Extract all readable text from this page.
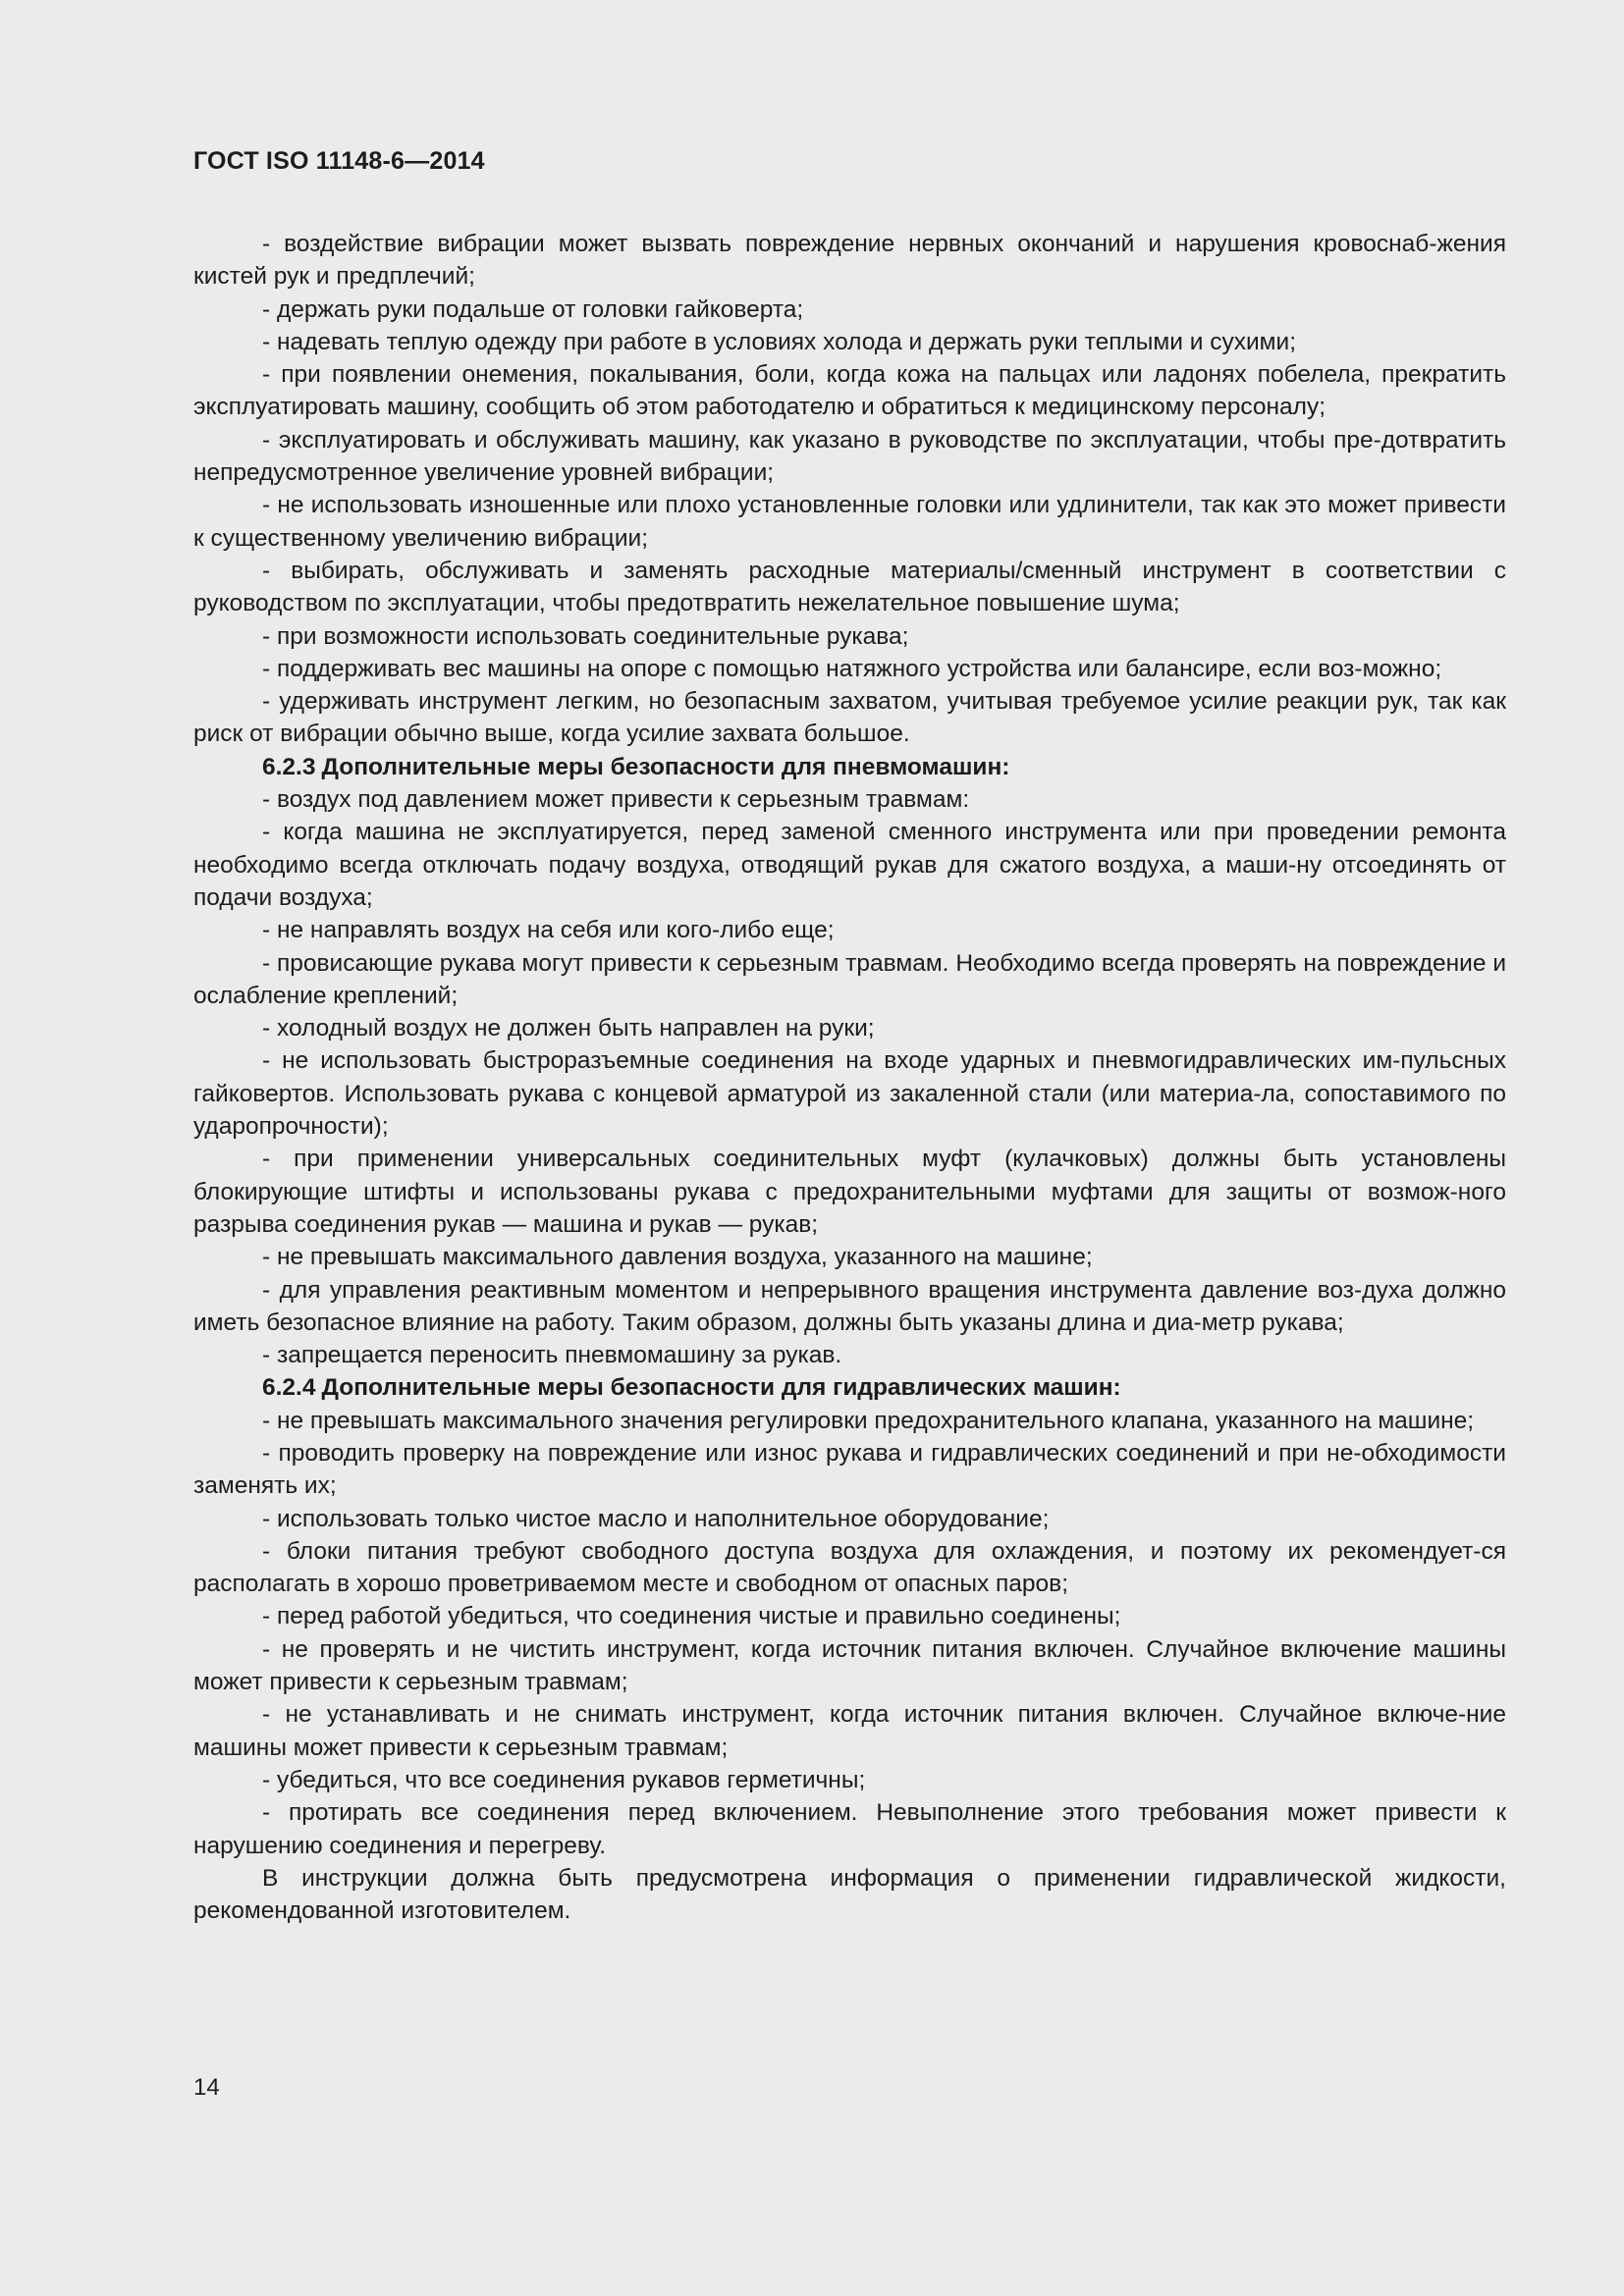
ГОСТ ISO 11148-6—2014

- воздействие вибрации может вызвать повреждение нервных окончаний и нарушения кровоснаб-жения кистей рук и предплечий;

- держать руки подальше от головки гайковерта;

- надевать теплую одежду при работе в условиях холода и держать руки теплыми и сухими;

- при появлении онемения, покалывания, боли, когда кожа на пальцах или ладонях побелела, прекратить эксплуатировать машину, сообщить об этом работодателю и обратиться к медицинскому персоналу;

- эксплуатировать и обслуживать машину, как указано в руководстве по эксплуатации, чтобы пре-дотвратить непредусмотренное увеличение уровней вибрации;

- не использовать изношенные или плохо установленные головки или удлинители, так как это может привести к существенному увеличению вибрации;

- выбирать, обслуживать и заменять расходные материалы/сменный инструмент в соответствии с руководством по эксплуатации, чтобы предотвратить нежелательное повышение шума;

- при возможности использовать соединительные рукава;

- поддерживать вес машины на опоре с помощью натяжного устройства или балансире, если воз-можно;

- удерживать инструмент легким, но безопасным захватом, учитывая требуемое усилие реакции рук, так как риск от вибрации обычно выше, когда усилие захвата большое.

6.2.3 Дополнительные меры безопасности для пневмомашин:

- воздух под давлением может привести к серьезным травмам:

- когда машина не эксплуатируется, перед заменой сменного инструмента или при проведении ремонта необходимо всегда отключать подачу воздуха, отводящий рукав для сжатого воздуха, а маши-ну отсоединять от подачи воздуха;

- не направлять воздух на себя или кого-либо еще;

- провисающие рукава могут привести к серьезным травмам. Необходимо всегда проверять на повреждение и ослабление креплений;

- холодный воздух не должен быть направлен на руки;

- не использовать быстроразъемные соединения на входе ударных и пневмогидравлических им-пульсных гайковертов. Использовать рукава с концевой арматурой из закаленной стали (или материа-ла, сопоставимого по ударопрочности);

- при применении универсальных соединительных муфт (кулачковых) должны быть установлены блокирующие штифты и использованы рукава с предохранительными муфтами для защиты от возмож-ного разрыва соединения рукав — машина и рукав — рукав;

- не превышать максимального давления воздуха, указанного на машине;

- для управления реактивным моментом и непрерывного вращения инструмента давление воз-духа должно иметь безопасное влияние на работу. Таким образом, должны быть указаны длина и диа-метр рукава;

- запрещается переносить пневмомашину за рукав.

6.2.4 Дополнительные меры безопасности для гидравлических машин:

- не превышать максимального значения регулировки предохранительного клапана, указанного на машине;

- проводить проверку на повреждение или износ рукава и гидравлических соединений и при не-обходимости заменять их;

- использовать только чистое масло и наполнительное оборудование;

- блоки питания требуют свободного доступа воздуха для охлаждения, и поэтому их рекомендует-ся располагать в хорошо проветриваемом месте и свободном от опасных паров;

- перед работой убедиться, что соединения чистые и правильно соединены;

- не проверять и не чистить инструмент, когда источник питания включен. Случайное включение машины может привести к серьезным травмам;

- не устанавливать и не снимать инструмент, когда источник питания включен. Случайное включе-ние машины может привести к серьезным травмам;

- убедиться, что все соединения рукавов герметичны;

- протирать все соединения перед включением. Невыполнение этого требования может привести к нарушению соединения и перегреву.

В инструкции должна быть предусмотрена информация о применении гидравлической жидкости, рекомендованной изготовителем.

14
